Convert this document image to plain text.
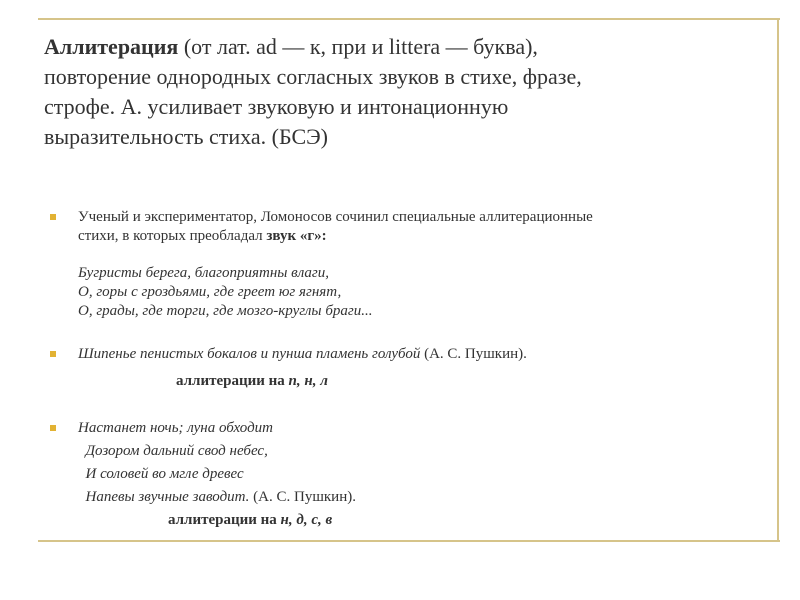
Аллитерация (от лат. ad — к, при и littera — буква),
повторение однородных согласных звуков в стихе, фразе,
строфе. А. усиливает звуковую и интонационную
выразительность стиха. (БСЭ)
Ученый и экспериментатор, Ломоносов сочинил специальные аллитерационные
стихи, в которых преобладал звук «г»:
Бугристы берега, благоприятны влаги,
О, горы с гроздьями, где греет юг ягнят,
О, грады, где торги, где мозго-круглы браги...
Шипенье пенистых бокалов и пунша пламень голубой (А. С. Пушкин).
аллитерации на п, н, л
Настанет ночь; луна обходит
Дозором дальний свод небес,
И соловей во мгле древес
Напевы звучные заводит. (А. С. Пушкин).
аллитерации на н, д, с, в
